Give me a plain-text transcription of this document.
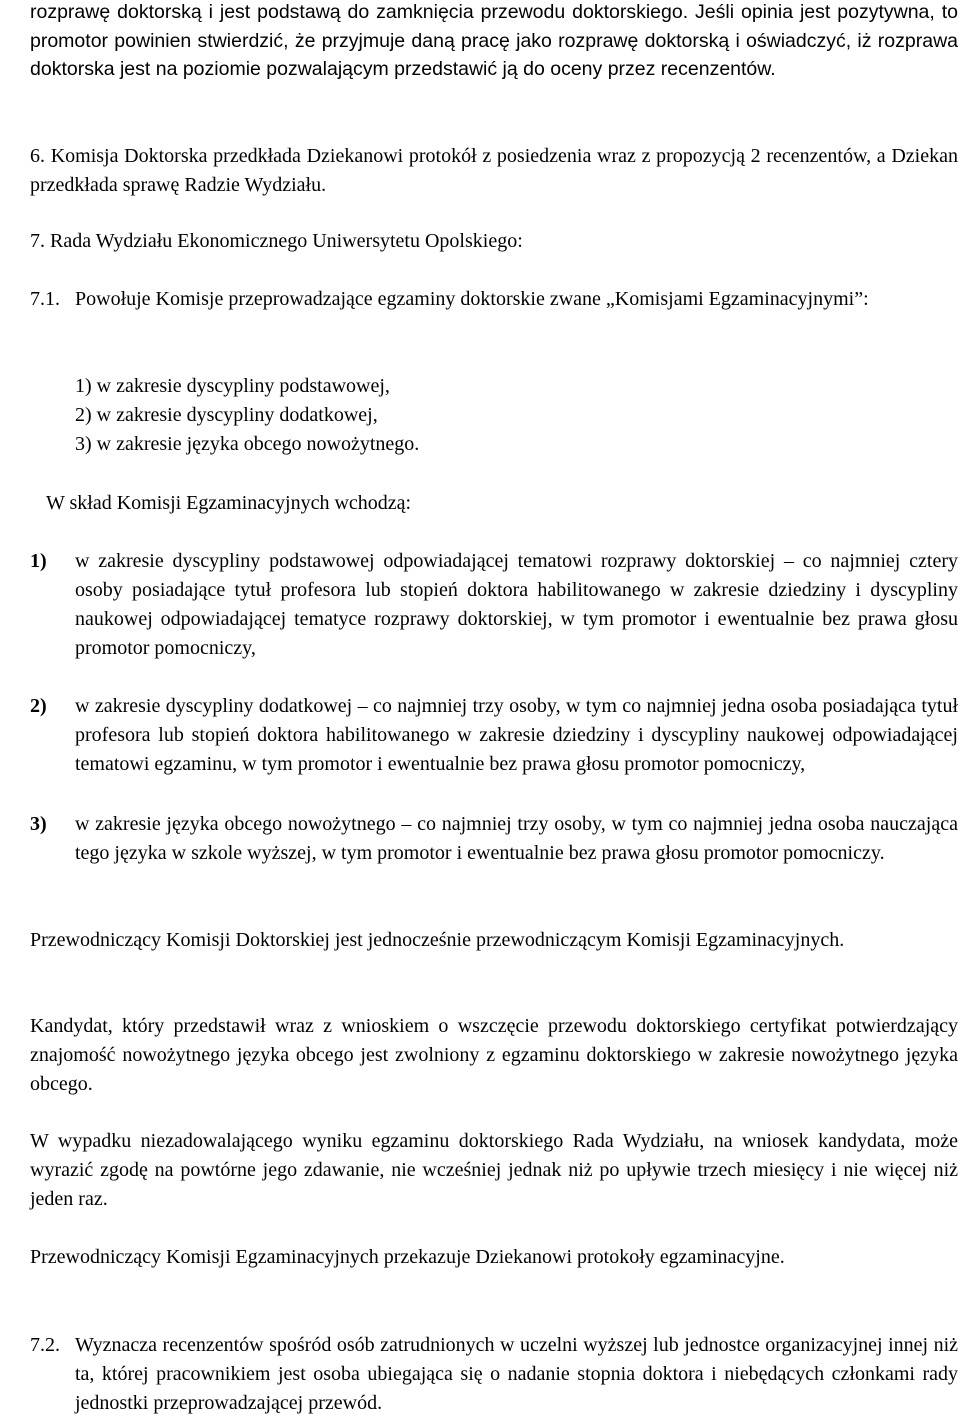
rozprawę doktorską i jest podstawą do zamknięcia przewodu doktorskiego. Jeśli opinia jest pozytywna, to promotor powinien stwierdzić, że przyjmuje daną pracę jako rozprawę doktorską i oświadczyć, iż rozprawa doktorska jest na poziomie pozwalającym przedstawić ją do oceny przez recenzentów.

6. Komisja Doktorska przedkłada Dziekanowi protokół z posiedzenia wraz z propozycją 2 recenzentów, a Dziekan przedkłada sprawę Radzie Wydziału.

7. Rada Wydziału Ekonomicznego Uniwersytetu Opolskiego:

7.1. Powołuje Komisje przeprowadzające egzaminy doktorskie zwane „Komisjami Egzaminacyjnymi”:

1) w zakresie dyscypliny podstawowej,

2) w zakresie dyscypliny dodatkowej,

3) w zakresie języka obcego nowożytnego.

W skład Komisji Egzaminacyjnych wchodzą:

1) w zakresie dyscypliny podstawowej odpowiadającej tematowi rozprawy doktorskiej – co najmniej cztery osoby posiadające tytuł profesora lub stopień doktora habilitowanego w zakresie dziedziny i dyscypliny naukowej odpowiadającej tematyce rozprawy doktorskiej, w tym promotor i ewentualnie bez prawa głosu promotor pomocniczy,
2) w zakresie dyscypliny dodatkowej – co najmniej trzy osoby, w tym co najmniej jedna osoba posiadająca tytuł profesora lub stopień doktora habilitowanego w zakresie dziedziny i dyscypliny naukowej odpowiadającej tematowi egzaminu, w tym promotor i ewentualnie bez prawa głosu promotor pomocniczy,
3) w zakresie języka obcego nowożytnego – co najmniej trzy osoby, w tym co najmniej jedna osoba nauczająca tego języka w szkole wyższej, w tym promotor i ewentualnie bez prawa głosu promotor pomocniczy.

Przewodniczący Komisji Doktorskiej jest jednocześnie przewodniczącym Komisji Egzaminacyjnych.

Kandydat, który przedstawił wraz z wnioskiem o wszczęcie przewodu doktorskiego certyfikat potwierdzający znajomość nowożytnego języka obcego jest zwolniony z egzaminu doktorskiego w zakresie nowożytnego języka obcego.

W wypadku niezadowalającego wyniku egzaminu doktorskiego Rada Wydziału, na wniosek kandydata, może wyrazić zgodę na powtórne jego zdawanie, nie wcześniej jednak niż po upływie trzech miesięcy i nie więcej niż jeden raz.

Przewodniczący Komisji Egzaminacyjnych przekazuje Dziekanowi protokoły egzaminacyjne.

7.2. Wyznacza recenzentów spośród osób zatrudnionych w uczelni wyższej lub jednostce organizacyjnej innej niż ta, której pracownikiem jest osoba ubiegająca się o nadanie stopnia doktora i niebędących członkami rady jednostki przeprowadzającej przewód.
